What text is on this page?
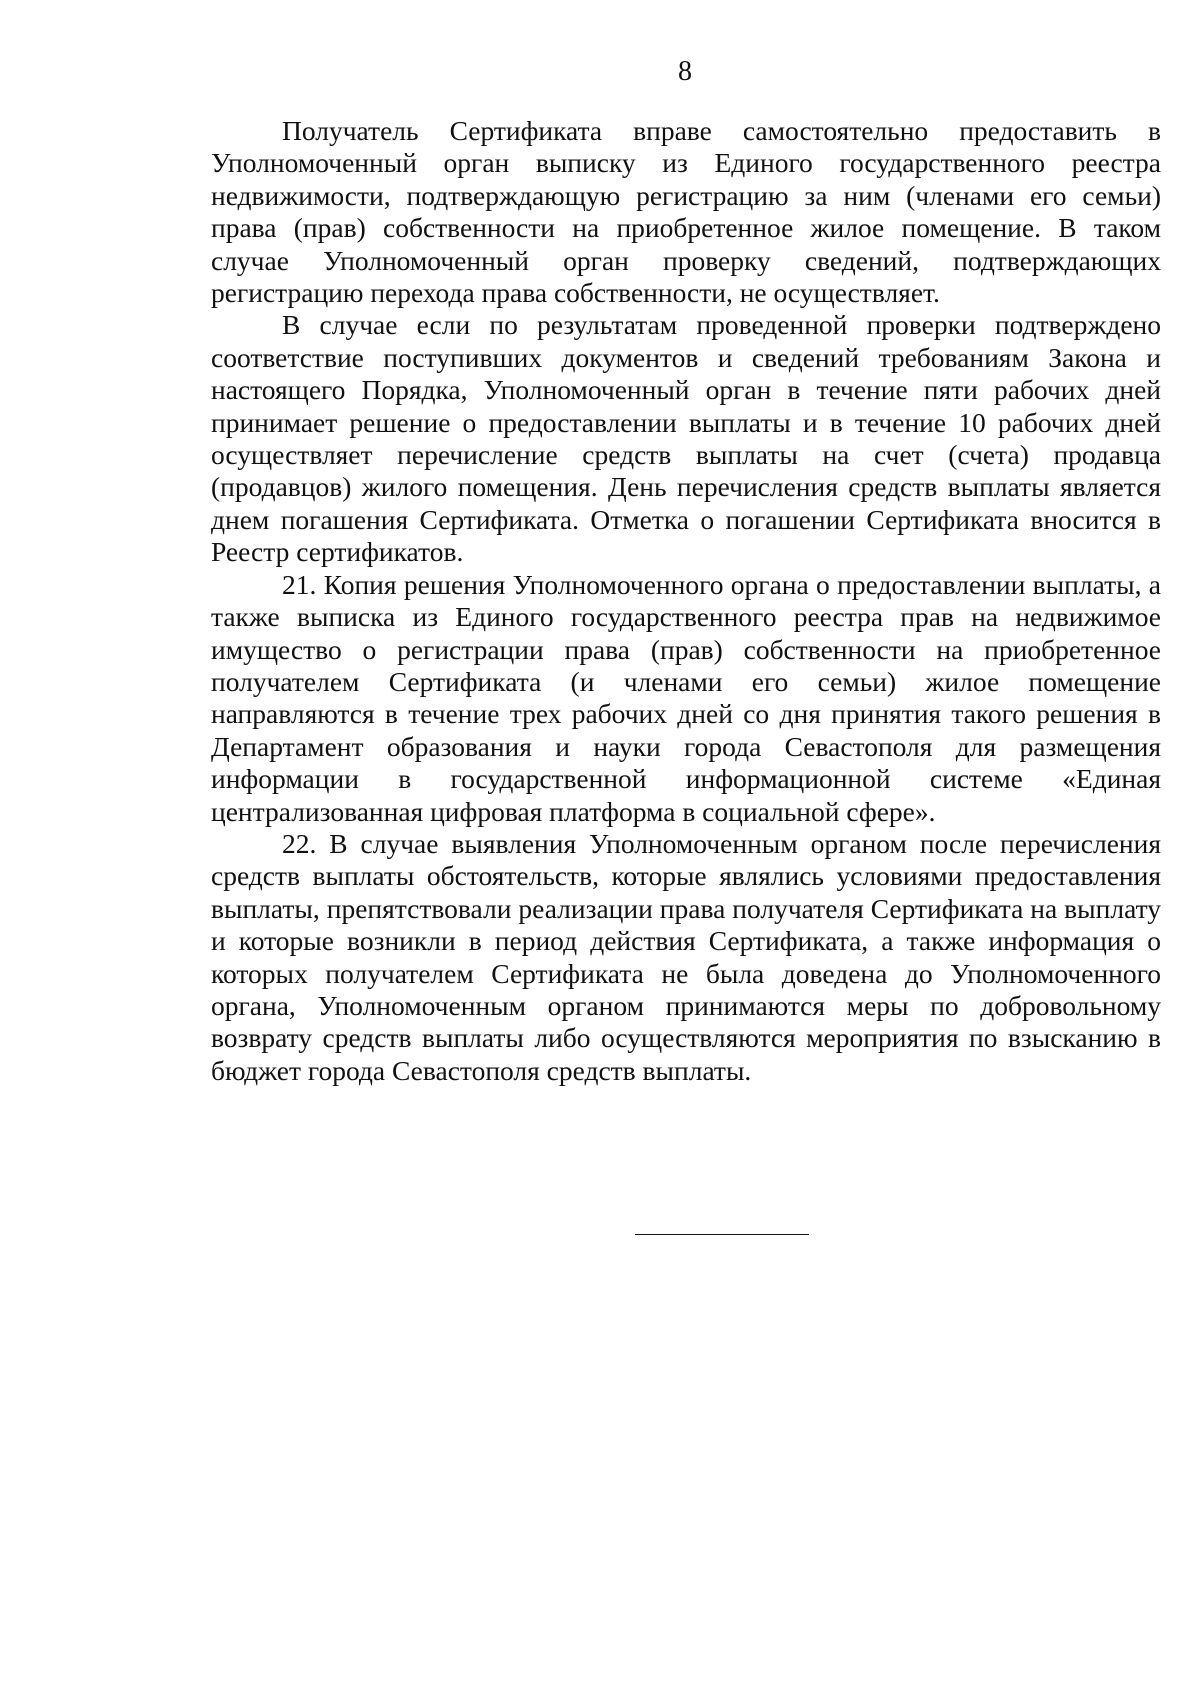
8

Получатель Сертификата вправе самостоятельно предоставить в Уполномоченный орган выписку из Единого государственного реестра недвижимости, подтверждающую регистрацию за ним (членами его семьи) права (прав) собственности на приобретенное жилое помещение. В таком случае Уполномоченный орган проверку сведений, подтверждающих регистрацию перехода права собственности, не осуществляет.

В случае если по результатам проведенной проверки подтверждено соответствие поступивших документов и сведений требованиям Закона и настоящего Порядка, Уполномоченный орган в течение пяти рабочих дней принимает решение о предоставлении выплаты и в течение 10 рабочих дней осуществляет перечисление средств выплаты на счет (счета) продавца (продавцов) жилого помещения. День перечисления средств выплаты является днем погашения Сертификата. Отметка о погашении Сертификата вносится в Реестр сертификатов.

21. Копия решения Уполномоченного органа о предоставлении выплаты, а также выписка из Единого государственного реестра прав на недвижимое имущество о регистрации права (прав) собственности на приобретенное получателем Сертификата (и членами его семьи) жилое помещение направляются в течение трех рабочих дней со дня принятия такого решения в Департамент образования и науки города Севастополя для размещения информации в государственной информационной системе «Единая централизованная цифровая платформа в социальной сфере».

22. В случае выявления Уполномоченным органом после перечисления средств выплаты обстоятельств, которые являлись условиями предоставления выплаты, препятствовали реализации права получателя Сертификата на выплату и которые возникли в период действия Сертификата, а также информация о которых получателем Сертификата не была доведена до Уполномоченного органа, Уполномоченным органом принимаются меры по добровольному возврату средств выплаты либо осуществляются мероприятия по взысканию в бюджет города Севастополя средств выплаты.
